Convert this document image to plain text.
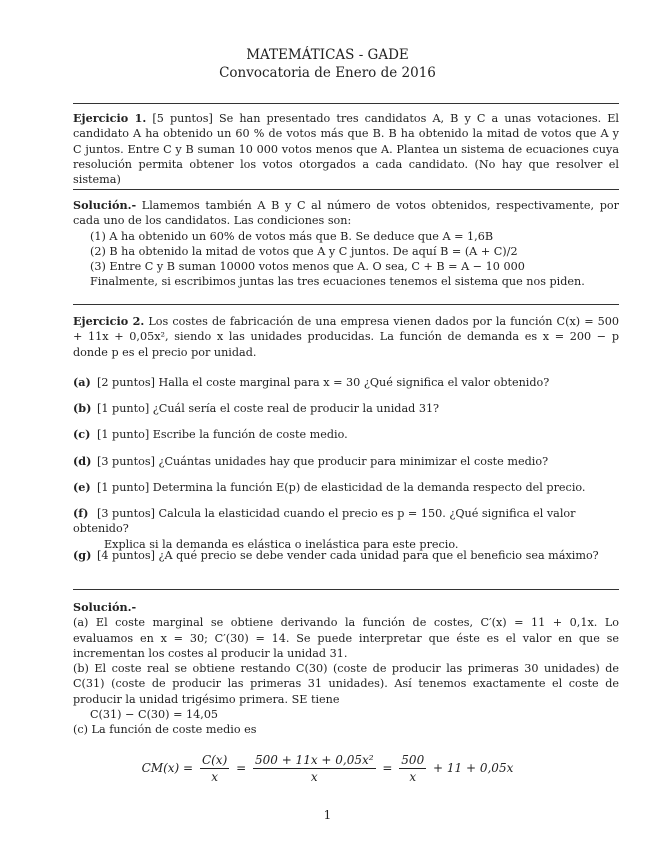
MATEMÁTICAS - GADE
Convocatoria de Enero de 2016

Ejercicio 1. [5 puntos] Se han presentado tres candidatos A, B y C a unas votaciones. El candidato A ha obtenido un 60 % de votos más que B. B ha obtenido la mitad de votos que A y C juntos. Entre C y B suman 10 000 votos menos que A. Plantea un sistema de ecuaciones cuya resolución permita obtener los votos otorgados a cada candidato. (No hay que resolver el sistema)

Solución.- Llamemos también A B y C al número de votos obtenidos, respectivamente, por cada uno de los candidatos. Las condiciones son:

(1) A ha obtenido un 60% de votos más que B. Se deduce que A = 1,6B

(2) B ha obtenido la mitad de votos que A y C juntos. De aquí B = (A + C)/2

(3) Entre C y B suman 10000 votos menos que A. O sea, C + B = A − 10 000

Finalmente, si escribimos juntas las tres ecuaciones tenemos el sistema que nos piden.

Ejercicio 2. Los costes de fabricación de una empresa vienen dados por la función C(x) = 500 + 11x + 0,05x², siendo x las unidades producidas. La función de demanda es x = 200 − p donde p es el precio por unidad.

(a) [2 puntos] Halla el coste marginal para x = 30 ¿Qué significa el valor obtenido?
(b) [1 punto] ¿Cuál sería el coste real de producir la unidad 31?
(c) [1 punto] Escribe la función de coste medio.
(d) [3 puntos] ¿Cuántas unidades hay que producir para minimizar el coste medio?
(e) [1 punto] Determina la función E(p) de elasticidad de la demanda respecto del precio.
(f) [3 puntos] Calcula la elasticidad cuando el precio es p = 150. ¿Qué significa el valor obtenido?
Explica si la demanda es elástica o inelástica para este precio.
(g) [4 puntos] ¿A qué precio se debe vender cada unidad para que el beneficio sea máximo?

Solución.-

(a) El coste marginal se obtiene derivando la función de costes, C′(x) = 11 + 0,1x. Lo evaluamos en x = 30; C′(30) = 14. Se puede interpretar que éste es el valor en que se incrementan los costes al producir la unidad 31.

(b) El coste real se obtiene restando C(30) (coste de producir las primeras 30 unidades) de C(31) (coste de producir las primeras 31 unidades). Así tenemos exactamente el coste de producir la unidad trigésimo primera. SE tiene

C(31) − C(30) = 14,05

(c) La función de coste medio es

$CM(x) = \frac{C(x)}{x} = \frac{\text{500 + 11x + 0,05x²}}{x} = \frac{500}{x} + 11 + 0,05x$
1
